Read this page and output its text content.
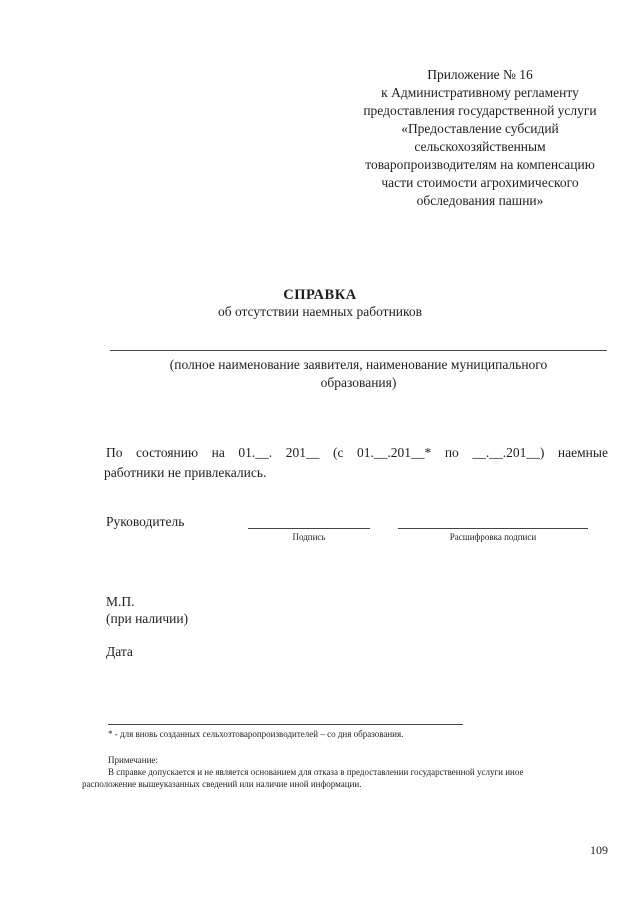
Приложение № 16
к Административному регламенту
предоставления государственной услуги
«Предоставление субсидий
сельскохозяйственным
товаропроизводителям на компенсацию
части стоимости агрохимического
обследования пашни»
СПРАВКА
об отсутствии наемных работников
(полное наименование заявителя, наименование муниципального
образования)
По состоянию на 01.__. 201__ (с 01.__.201__* по __.__.201__) наемные
работники не привлекались.
Руководитель
Подпись	Расшифровка подписи
М.П.
(при наличии)
Дата
* - для вновь созданных сельхозтоваропроизводителей – со дня образования.
Примечание:
В справке допускается и не является основанием для отказа в предоставлении государственной услуги иное
расположение вышеуказанных сведений или наличие иной информации.
109
